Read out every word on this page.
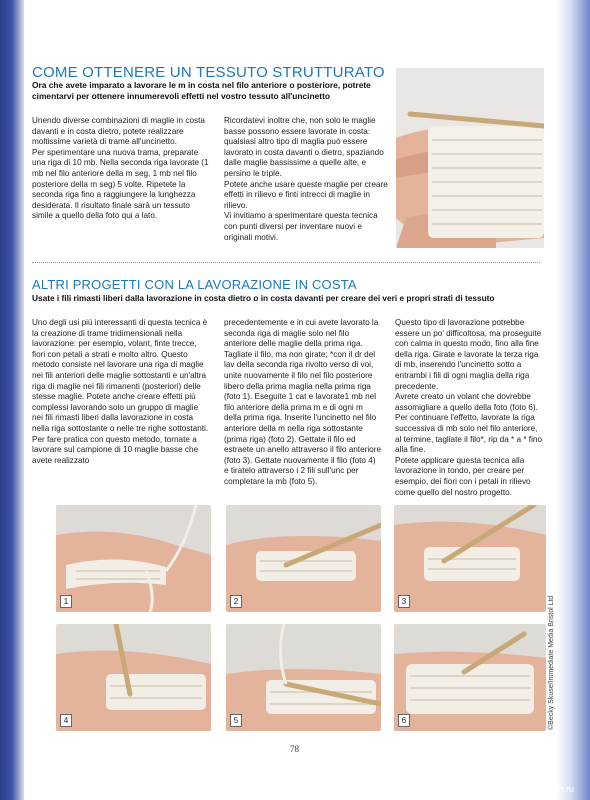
COME OTTENERE UN TESSUTO STRUTTURATO
Ora che avete imparato a lavorare le m in costa nel filo anteriore o posteriore, potrete cimentarvi per ottenere innumerevoli effetti nel vostro tessuto all'uncinetto

Unendo diverse combinazioni di maglie in costa davanti e in costa dietro, potete realizzare moltissime varietà di trame all'uncinetto.

Per sperimentare una nuova trama, preparate una riga di 10 mb. Nella seconda riga lavorate (1 mb nel filo anteriore della m seg, 1 mb nel filo posteriore della m seg) 5 volte. Ripetete la seconda riga fino a raggiungere la lunghezza desiderata. Il risultato finale sarà un tessuto simile a quello della foto qui a lato.

Ricordatevi inoltre che, non solo le maglie basse possono essere lavorate in costa: qualsiasi altro tipo di maglia può essere lavorato in costa davanti o dietro, spaziando dalle maglie bassissime a quelle alte, e persino le triple.

Potete anche usare queste maglie per creare effetti in rilievo e finti intrecci di maglie in rilievo.

Vi invitiamo a sperimentare questa tecnica con punti diversi per inventare nuovi e originali motivi.

ALTRI PROGETTI CON LA LAVORAZIONE IN COSTA
Usate i fili rimasti liberi dalla lavorazione in costa dietro o in costa davanti per creare dei veri e propri strati di tessuto

Uno degli usi più interessanti di questa tecnica è la creazione di trame tridimensionali nella lavorazione: per esempio, volant, finte trecce, fiori con petali a strati e molto altro. Questo metodo consiste nel lavorare una riga di maglie nei fili anteriori delle maglie sottostanti e un'altra riga di maglie nei fili rimanenti (posteriori) delle stesse maglie. Potete anche creare effetti più complessi lavorando solo un gruppo di maglie nei fili rimasti liberi dalla lavorazione in costa nella riga sottostante o nelle tre righe sottostanti. Per fare pratica con questo metodo, tornate a lavorare sul campione di 10 maglie basse che avete realizzato

precedentemente e in cui avete lavorato la seconda riga di maglie solo nel filo anteriore delle maglie della prima riga. Tagliate il filo, ma non girate; *con il dr del lav della seconda riga rivolto verso di voi, unite nuovamente il filo nel filo posteriore libero della prima maglia nella prima riga (foto 1). Eseguite 1 cat e lavorate1 mb nel filo anteriore della prima m e di ogni m della prima riga. Inserite l'uncinetto nel filo anteriore della m nella riga sottostante (prima riga) (foto 2). Gettate il filo ed estraete un anello attraverso il filo anteriore (foto 3). Gettate nuovamente il filo (foto 4) e tiratelo attraverso i 2 fili sull'unc per completare la mb (foto 5).

Questo tipo di lavorazione potrebbe essere un po' difficoltosa, ma proseguite con calma in questo modo, fino alla fine della riga. Girate e lavorate la terza riga di mb, inserendo l'uncinetto sotto a entrambi i fili di ogni maglia della riga precedente.

Avrete creato un volant che dovrebbe assomigliare a quello della foto (foto 6).

Per continuare l'effetto, lavorate la riga successiva di mb solo nel filo anteriore, al termine, tagliate il filo*, rip da * a * fino alla fine.

Potete applicare questa tecnica alla lavorazione in tondo, per creare per esempio, dei fiori con i petali in rilievo come quello del nostro progetto.

1	2	3
4	5	6	©Becky Skuse/Immediate Media Bristol Ltd
78
PassionForum.ru
